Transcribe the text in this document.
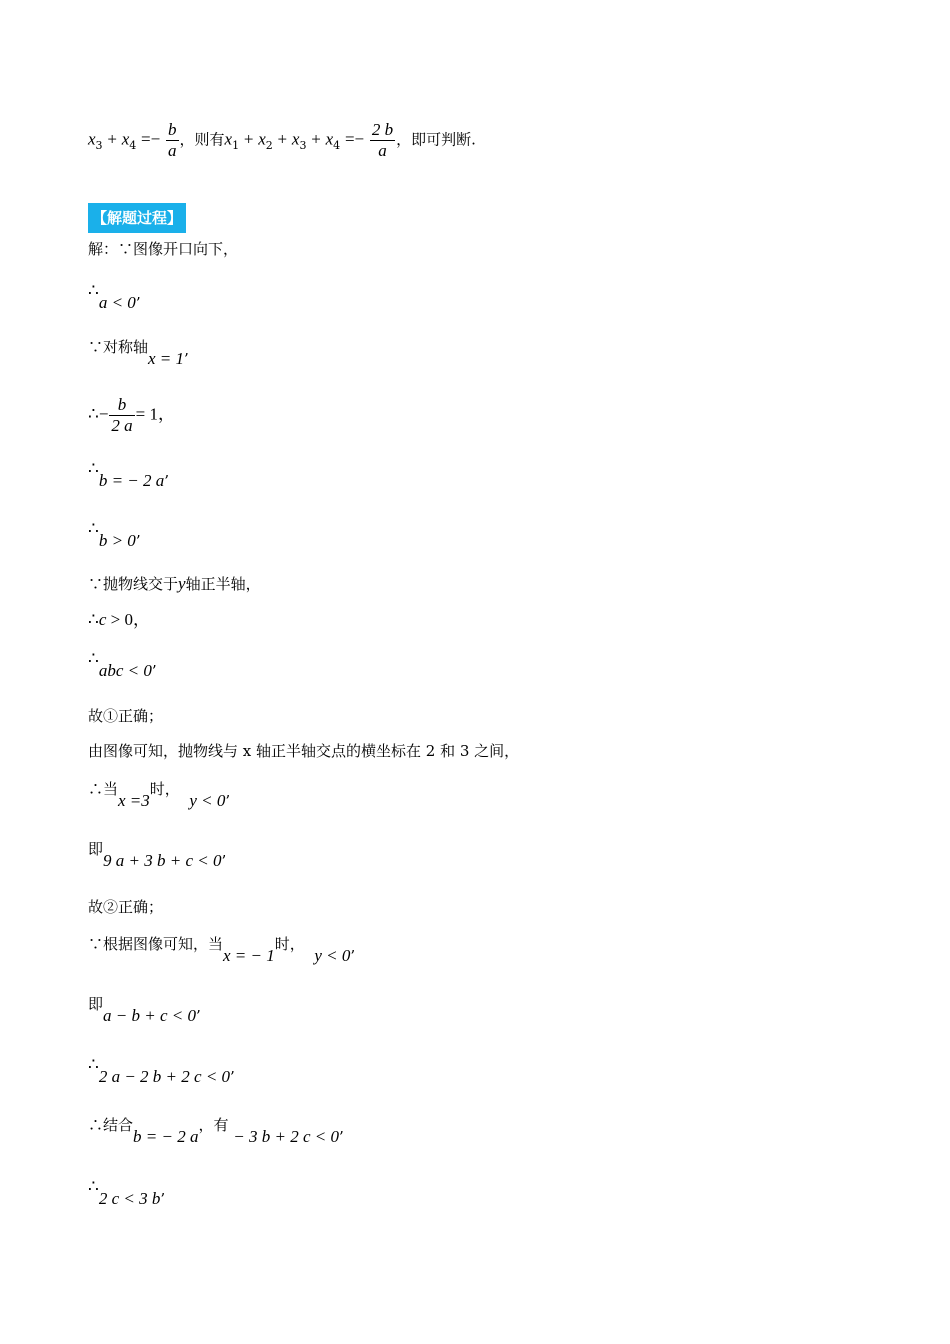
$x_3 + x_4 =- \frac{b}{a}$ ，则有$x_1 + x_2 + x_3 + x_4 =- \frac{2 b}{a}$ ，即可判断.
【解题过程】
解：∵图像开口向下，
∴a < 0’
∵对称轴x = 1’
∴− $\frac{b}{2 a} = 1$，
∴b = − 2 a’
∴b > 0’
∵抛物线交于y轴正半轴，
∴c > 0，
∴abc < 0’
故①正确；
由图像可知，抛物线与 x 轴正半轴交点的横坐标在 2 和 3 之间，
∴当x =3时，  y < 0’
即9 a + 3 b + c < 0’
故②正确；
∵根据图像可知，当x = − 1时，  y < 0’
即a − b + c < 0’
∴2 a − 2 b + 2 c < 0’
∴结合b = − 2 a，有 − 3 b + 2 c < 0’
∴2 c < 3 b’
